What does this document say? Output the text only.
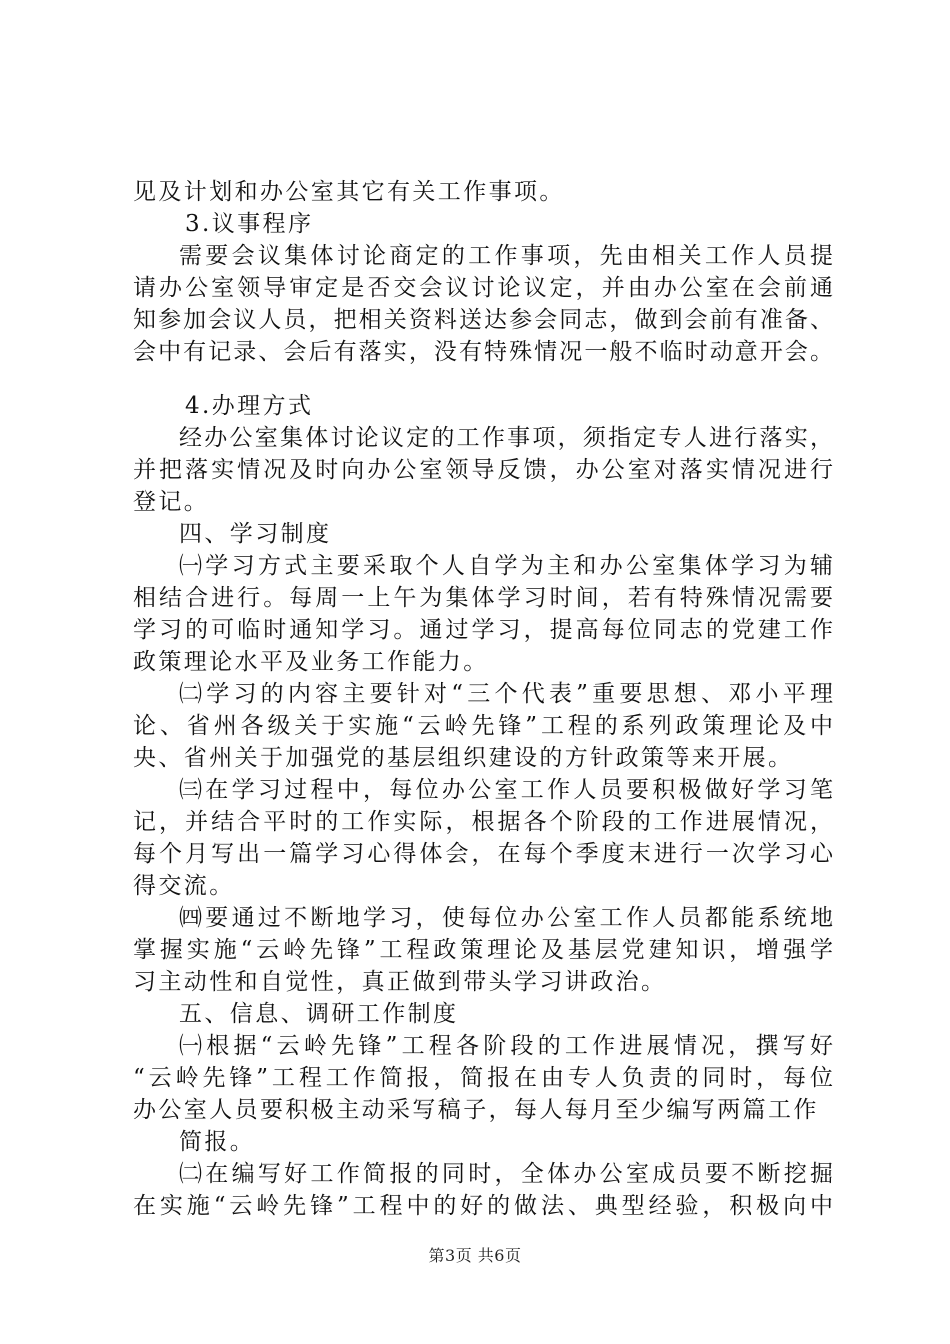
见及计划和办公室其它有关工作事项。
3.议事程序
需要会议集体讨论商定的工作事项，先由相关工作人员提
请办公室领导审定是否交会议讨论议定，并由办公室在会前通
知参加会议人员，把相关资料送达参会同志，做到会前有准备、
会中有记录、会后有落实，没有特殊情况一般不临时动意开会。
4.办理方式
经办公室集体讨论议定的工作事项，须指定专人进行落实，
并把落实情况及时向办公室领导反馈，办公室对落实情况进行
登记。
四、学习制度
㈠学习方式主要采取个人自学为主和办公室集体学习为辅
相结合进行。每周一上午为集体学习时间，若有特殊情况需要
学习的可临时通知学习。通过学习，提高每位同志的党建工作
政策理论水平及业务工作能力。
㈡学习的内容主要针对“三个代表”重要思想、邓小平理
论、省州各级关于实施“云岭先锋”工程的系列政策理论及中
央、省州关于加强党的基层组织建设的方针政策等来开展。
㈢在学习过程中，每位办公室工作人员要积极做好学习笔
记，并结合平时的工作实际，根据各个阶段的工作进展情况，
每个月写出一篇学习心得体会，在每个季度末进行一次学习心
得交流。
㈣要通过不断地学习，使每位办公室工作人员都能系统地
掌握实施“云岭先锋”工程政策理论及基层党建知识，增强学
习主动性和自觉性，真正做到带头学习讲政治。
五、信息、调研工作制度
㈠根据“云岭先锋”工程各阶段的工作进展情况，撰写好
“云岭先锋”工程工作简报，简报在由专人负责的同时，每位
办公室人员要积极主动采写稿子，每人每月至少编写两篇工作
简报。
㈡在编写好工作简报的同时，全体办公室成员要不断挖掘
在实施“云岭先锋”工程中的好的做法、典型经验，积极向中
第3页 共6页
